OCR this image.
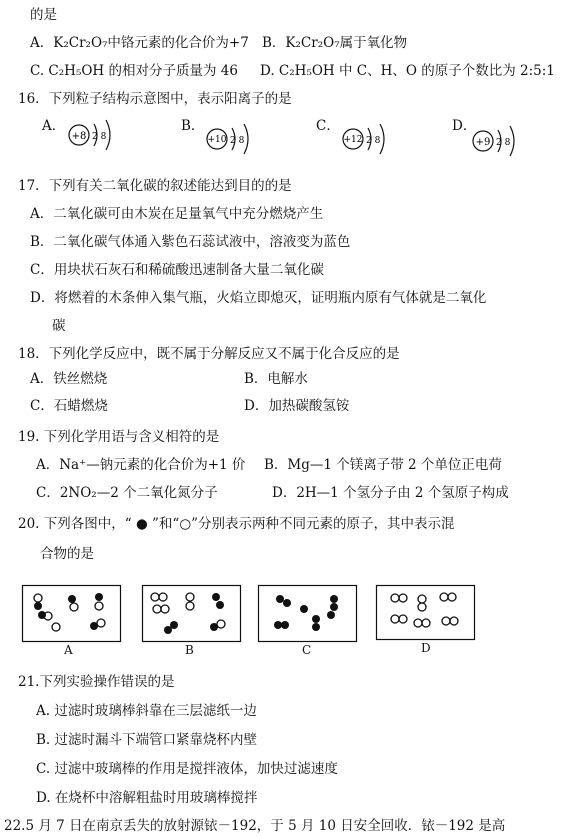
的是
A．K₂Cr₂O₇中铬元素的化合价为+7 B．K₂Cr₂O₇属于氧化物
C. C₂H₅OH 的相对分子质量为 46 D. C₂H₅OH 中 C、H、O 的原子个数比为 2:5:1
16．下列粒子结构示意图中，表示阳离子的是
A．
+8 2 8
B．
+10 2 8
C．
+12 2 8
D．
+9 2 8
17．下列有关二氧化碳的叙述能达到目的的是
A．二氧化碳可由木炭在足量氧气中充分燃烧产生
B．二氧化碳气体通入紫色石蕊试液中，溶液变为蓝色
C．用块状石灰石和稀硫酸迅速制备大量二氧化碳
D．将燃着的木条伸入集气瓶，火焰立即熄灭，证明瓶内原有气体就是二氧化
碳
18．下列化学反应中，既不属于分解反应又不属于化合反应的是
A．铁丝燃烧	B．电解水
C．石蜡燃烧	D．加热碳酸氢铵
19. 下列化学用语与含义相符的是
A．Na⁺—钠元素的化合价为+1 价 B．Mg—1 个镁离子带 2 个单位正电荷
C．2NO₂—2 个二氧化氮分子	D．2H—1 个氢分子由 2 个氢原子构成
20. 下列各图中，“ ● ”和“○”分别表示两种不同元素的原子，其中表示混
合物的是
A	B	C	D
21.下列实验操作错误的是
A. 过滤时玻璃棒斜靠在三层滤纸一边
B. 过滤时漏斗下端管口紧靠烧杯内壁
C. 过滤中玻璃棒的作用是搅拌液体，加快过滤速度
D. 在烧杯中溶解粗盐时用玻璃棒搅拌
22.5 月 7 日在南京丢失的放射源铱－192，于 5 月 10 日安全回收．铱－192 是高
